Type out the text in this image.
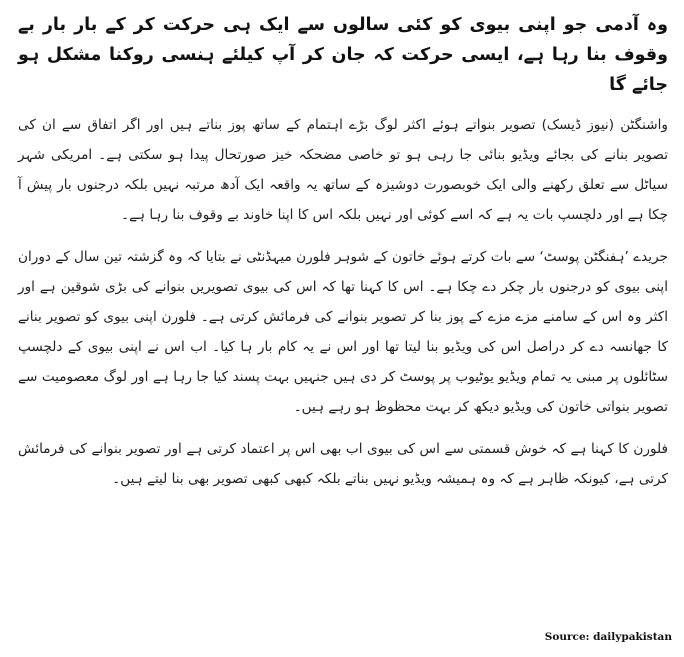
وہ آدمی جو اپنی بیوی کو کئی سالوں سے ایک ہی حرکت کر کے بار بار بے وقوف بنا رہا ہے، ایسی حرکت کہ جان کر آپ کیلئے ہنسی روکنا مشکل ہو جائے گا

واشنگٹن (نیوز ڈیسک) تصویر بنواتے ہوئے اکثر لوگ بڑے اہتمام کے ساتھ پوز بناتے ہیں اور اگر اتفاق سے ان کی تصویر بنانے کی بجائے ویڈیو بنائی جا رہی ہو تو خاصی مضحکہ خیز صورتحال پیدا ہو سکتی ہے۔ امریکی شہر سیاٹل سے تعلق رکھنے والی ایک خوبصورت دوشیزہ کے ساتھ یہ واقعہ ایک آدھ مرتبہ نہیں بلکہ درجنوں بار پیش آ چکا ہے اور دلچسپ بات یہ ہے کہ اسے کوئی اور نہیں بلکہ اس کا اپنا خاوند بے وقوف بنا رہا ہے۔

جریدے ’ہفنگٹن پوسٹ‘ سے بات کرتے ہوئے خاتون کے شوہر فلورن میہڈنٹی نے بتایا کہ وہ گزشتہ تین سال کے دوران اپنی بیوی کو درجنوں بار چکر دے چکا ہے۔ اس کا کہنا تھا کہ اس کی بیوی تصویریں بنوانے کی بڑی شوقین ہے اور اکثر وہ اس کے سامنے مزے مزے کے پوز بنا کر تصویر بنوانے کی فرمائش کرتی ہے۔ فلورن اپنی بیوی کو تصویر بنانے کا جھانسہ دے کر دراصل اس کی ویڈیو بنا لیتا تھا اور اس نے یہ کام بار ہا کیا۔ اب اس نے اپنی بیوی کے دلچسپ سٹائلوں پر مبنی یہ تمام ویڈیو یوٹیوب پر پوسٹ کر دی ہیں جنہیں بہت پسند کیا جا رہا ہے اور لوگ معصومیت سے تصویر بنواتی خاتون کی ویڈیو دیکھ کر بہت محظوظ ہو رہے ہیں۔

فلورن کا کہنا ہے کہ خوش قسمتی سے اس کی بیوی اب بھی اس پر اعتماد کرتی ہے اور تصویر بنوانے کی فرمائش کرتی ہے، کیونکہ ظاہر ہے کہ وہ ہمیشہ ویڈیو نہیں بناتے بلکہ کبھی کبھی تصویر بھی بنا لیتے ہیں۔

Source: dailypakistan
